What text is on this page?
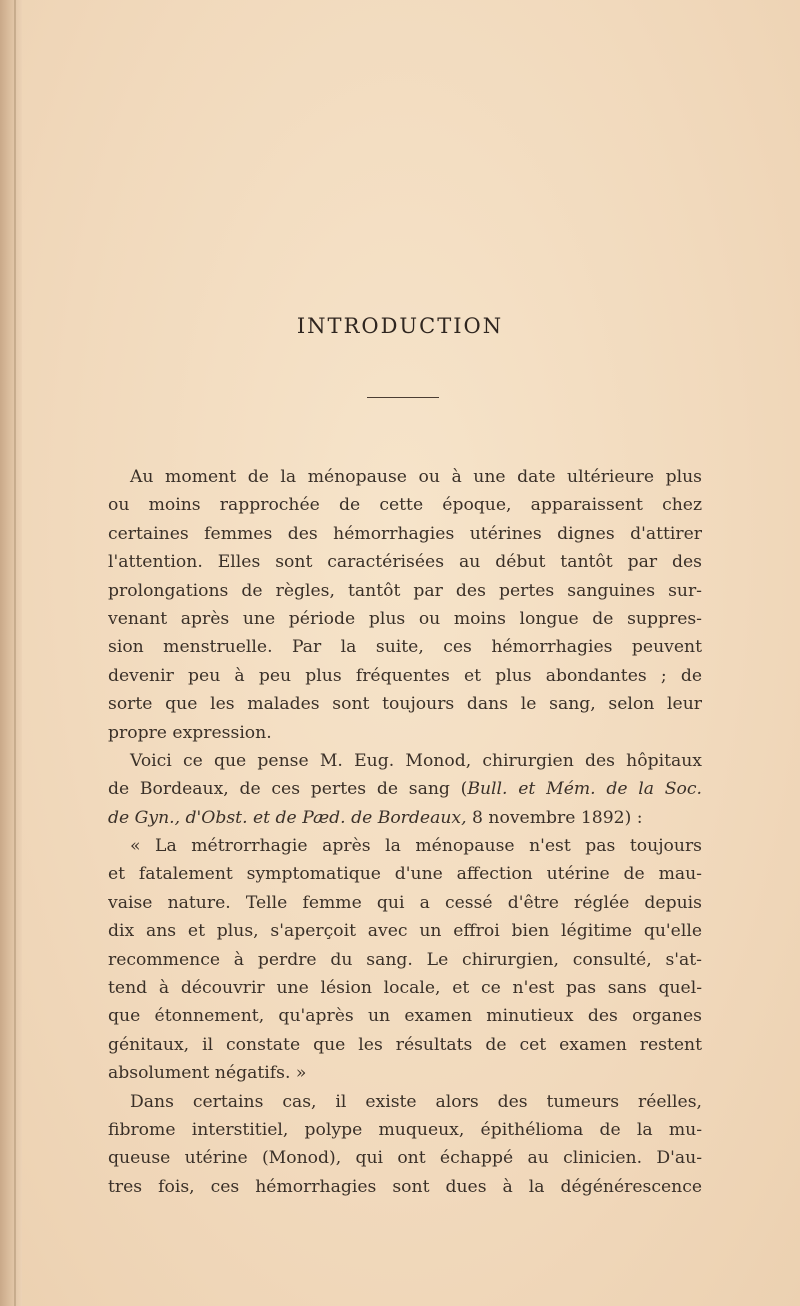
INTRODUCTION
Au moment de la ménopause ou à une date ultérieure plus
ou moins rapprochée de cette époque, apparaissent chez
certaines femmes des hémorrhagies utérines dignes d'attirer
l'attention. Elles sont caractérisées au début tantôt par des
prolongations de règles, tantôt par des pertes sanguines sur-
venant après une période plus ou moins longue de suppres-
sion menstruelle. Par la suite, ces hémorrhagies peuvent
devenir peu à peu plus fréquentes et plus abondantes ; de
sorte que les malades sont toujours dans le sang, selon leur
propre expression.
Voici ce que pense M. Eug. Monod, chirurgien des hôpitaux
de Bordeaux, de ces pertes de sang (Bull. et Mém. de la Soc.
de Gyn., d'Obst. et de Pæd. de Bordeaux, 8 novembre 1892) :
« La métrorrhagie après la ménopause n'est pas toujours
et fatalement symptomatique d'une affection utérine de mau-
vaise nature. Telle femme qui a cessé d'être réglée depuis
dix ans et plus, s'aperçoit avec un effroi bien légitime qu'elle
recommence à perdre du sang. Le chirurgien, consulté, s'at-
tend à découvrir une lésion locale, et ce n'est pas sans quel-
que étonnement, qu'après un examen minutieux des organes
génitaux, il constate que les résultats de cet examen restent
absolument négatifs. »
Dans certains cas, il existe alors des tumeurs réelles,
fibrome interstitiel, polype muqueux, épithélioma de la mu-
queuse utérine (Monod), qui ont échappé au clinicien. D'au-
tres fois, ces hémorrhagies sont dues à la dégénérescence
